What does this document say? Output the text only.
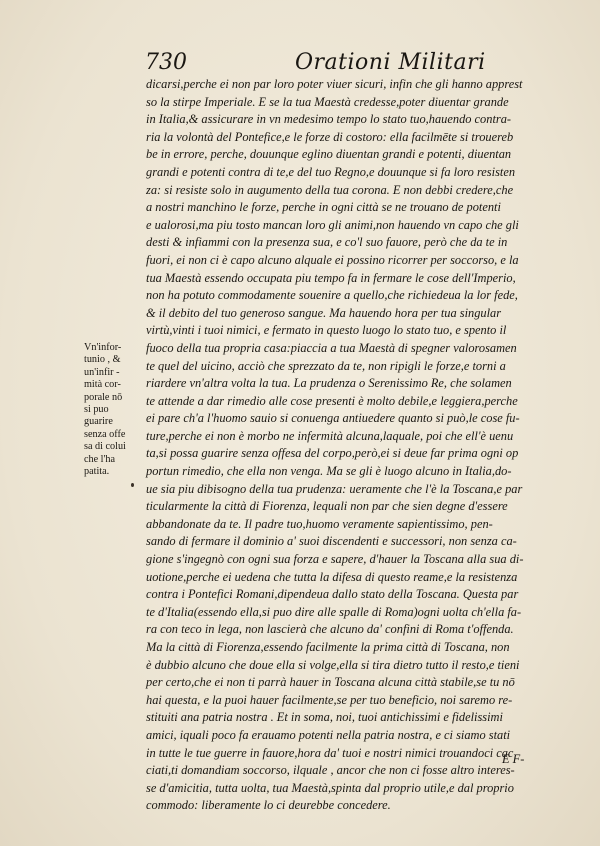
730	Orationi Militari
dicarsi,perche ei non par loro poter viuer sicuri, infin che gli hanno apprest
so la stirpe Imperiale. E se la tua Maestà credesse,poter diuentar grande
in Italia,& assicurare in vn medesimo tempo lo stato tuo,hauendo contra-
ria la volontà del Pontefice,e le forze di costoro: ella facilmēte si trouereb
be in errore, perche, douunque eglino diuentan grandi e potenti, diuentan
grandi e potenti contra di te,e del tuo Regno,e douunque si fa loro resisten
za: si resiste solo in augumento della tua corona. E non debbi credere,che
a nostri manchino le forze, perche in ogni città se ne trouano de potenti
e ualorosi,ma piu tosto mancan loro gli animi,non hauendo vn capo che gli
desti & infiammi con la presenza sua, e co'l suo fauore, però che da te in
fuori, ei non ci è capo alcuno alquale ei possino ricorrer per soccorso, e la
tua Maestà essendo occupata piu tempo fa in fermare le cose dell'Imperio,
non ha potuto commodamente souenire a quello,che richiedeua la lor fede,
& il debito del tuo generoso sangue. Ma hauendo hora per tua singular
virtù,vinti i tuoi nimici, e fermato in questo luogo lo stato tuo, e spento il
fuoco della tua propria casa:piaccia a tua Maestà di spegner valorosamen
te quel del uicino, acciò che sprezzato da te, non ripigli le forze,e torni a
riardere vn'altra volta la tua. La prudenza o Serenissimo Re, che solamen
te attende a dar rimedio alle cose presenti è molto debile,e leggiera,perche
ei pare ch'a l'huomo sauio si conuenga antiuedere quanto si può,le cose fu-
ture,perche ei non è morbo ne infermità alcuna,laquale, poi che ell'è uenu
ta,si possa guarire senza offesa del corpo,però,ei si deue far prima ogni op
portun rimedio, che ella non venga. Ma se gli è luogo alcuno in Italia,do-
ue sia piu dibisogno della tua prudenza: ueramente che l'è la Toscana,e par
ticularmente la città di Fiorenza, lequali non par che sien degne d'essere
abbandonate da te. Il padre tuo,huomo veramente sapientissimo, pen-
sando di fermare il dominio a' suoi discendenti e successori, non senza ca-
gione s'ingegnò con ogni sua forza e sapere, d'hauer la Toscana alla sua di-
uotione,perche ei uedena che tutta la difesa di questo reame,e la resistenza
contra i Pontefici Romani,dipendeua dallo stato della Toscana. Questa par
te d'Italia(essendo ella,si puo dire alle spalle di Roma)ogni uolta ch'ella fa-
ra con teco in lega, non lascierà che alcuno da' confini di Roma t'offenda.
Ma la città di Fiorenza,essendo facilmente la prima città di Toscana, non
è dubbio alcuno che doue ella si volge,ella si tira dietro tutto il resto,e tieni
per certo,che ei non ti parrà hauer in Toscana alcuna città stabile,se tu nō
hai questa, e la puoi hauer facilmente,se per tuo beneficio, noi saremo re-
stituiti ana patria nostra . Et in soma, noi, tuoi antichissimi e fidelissimi
amici, iquali poco fa erauamo potenti nella patria nostra, e ci siamo stati
in tutte le tue guerre in fauore,hora da' tuoi e nostri nimici trouandoci cac
ciati,ti domandiam soccorso, ilquale , ancor che non ci fosse altro interes-
se d'amicitia, tutta uolta, tua Maestà,spinta dal proprio utile,e dal proprio
commodo: liberamente lo ci deurebbe concedere.
Vn'infor-
tunio , &
un'infir -
mità cor-
porale nō
si puo
guarire
senza offe
sa di colui
che l'ha
patita.
E F-
